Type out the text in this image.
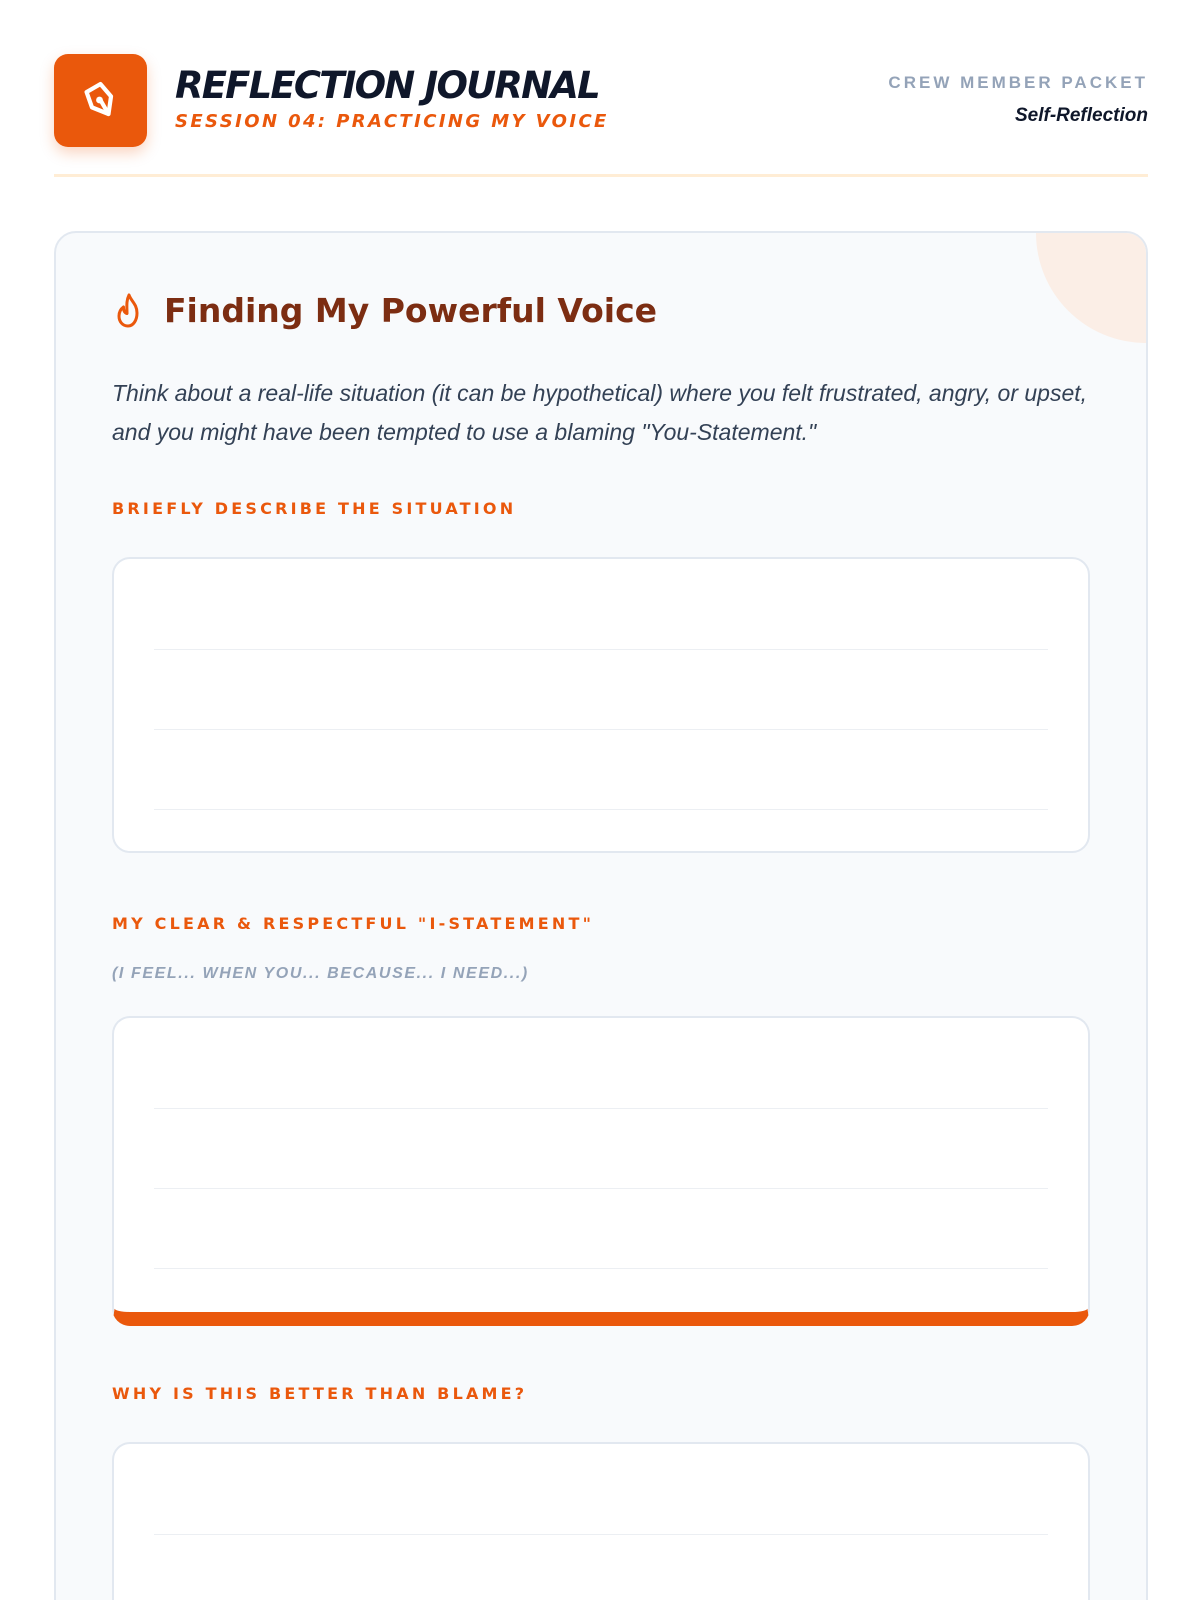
REFLECTION JOURNAL
SESSION 04: PRACTICING MY VOICE
CREW MEMBER PACKET
Self-Reflection
Finding My Powerful Voice

Think about a real-life situation (it can be hypothetical) where you felt frustrated, angry, or upset, and you might have been tempted to use a blaming "You-Statement."

BRIEFLY DESCRIBE THE SITUATION
MY CLEAR & RESPECTFUL "I-STATEMENT"
(I FEEL... WHEN YOU... BECAUSE... I NEED...)
WHY IS THIS BETTER THAN BLAME?
